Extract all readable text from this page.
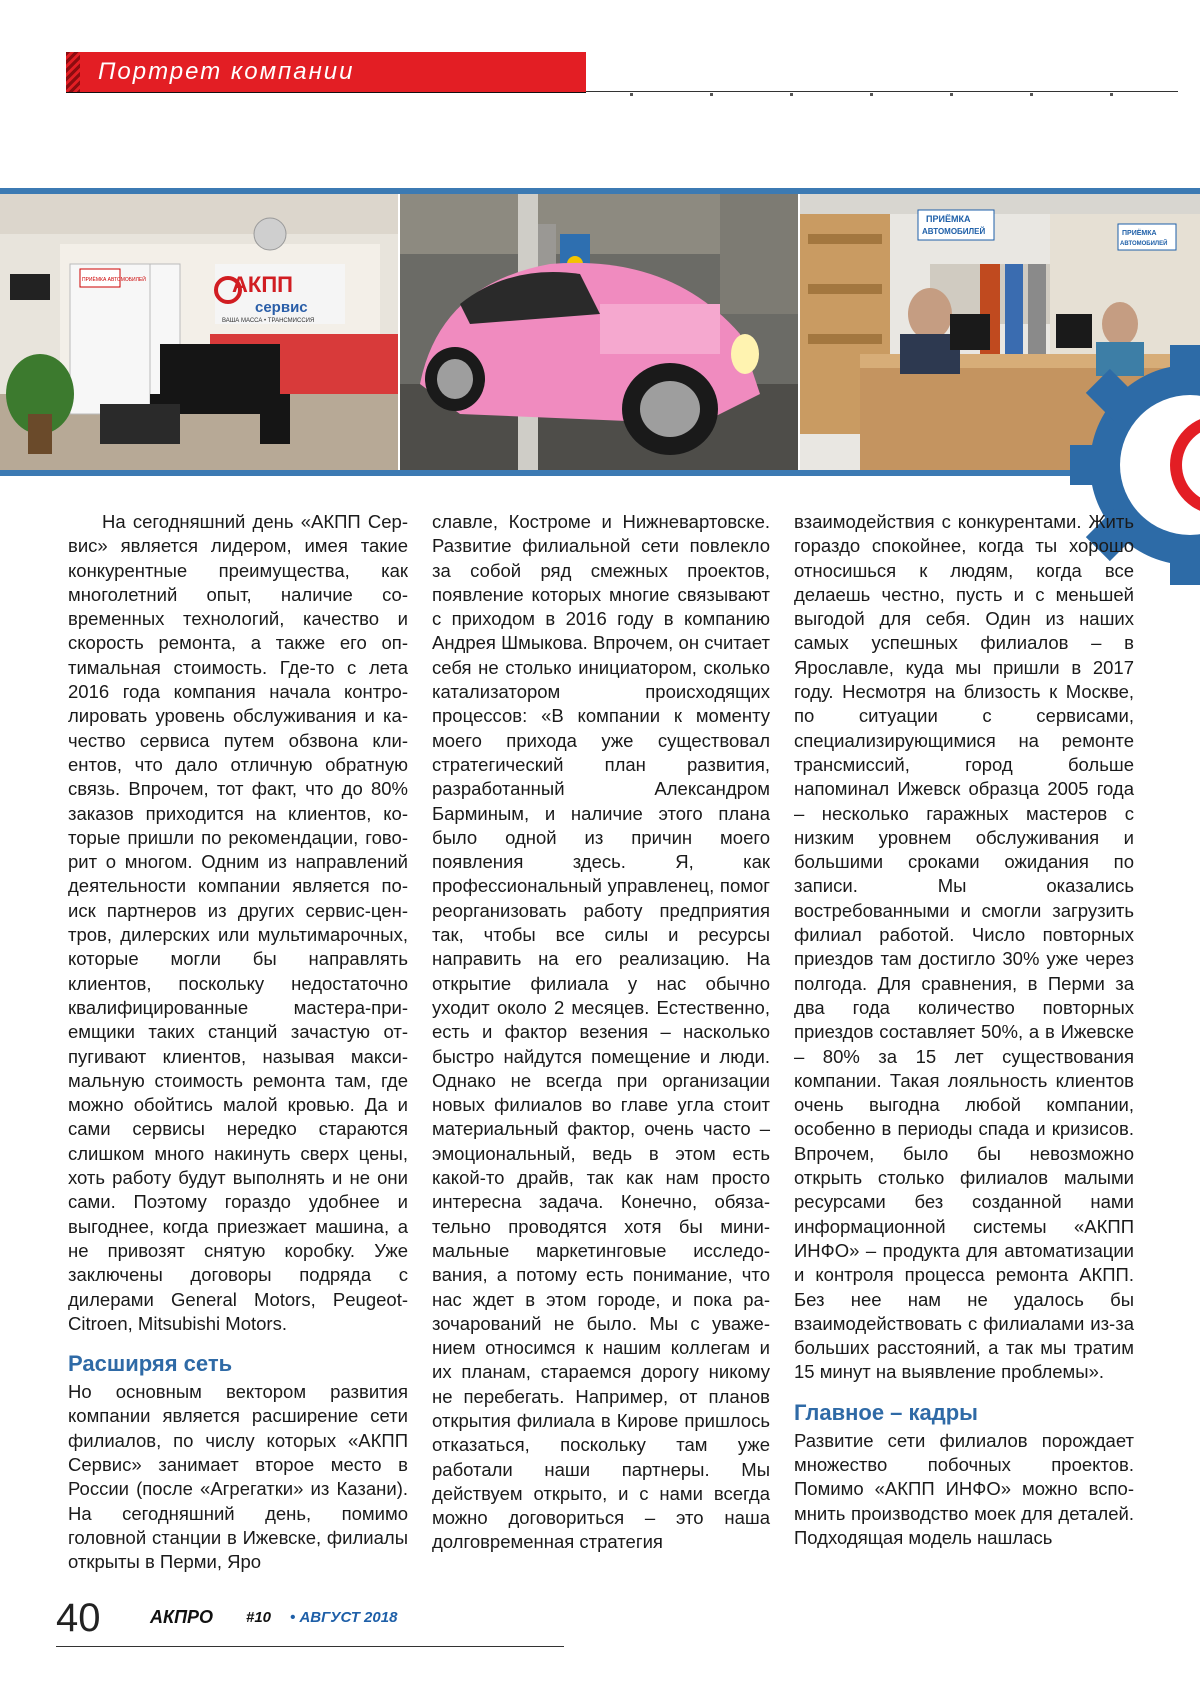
Портрет компании
АКПП
сервис
ВАША МАССА • ТРАНСМИССИЯ
ПРИЁМКА АВТОМОБИЛЕЙ
ПРИЁМКА
АВТОМОБИЛЕЙ	ПРИЁМКА
АВТОМОБИЛЕЙ

На сегодняшний день «АКПП Сервис» является лидером, имея такие конкурентные преимущества, как многолетний опыт, наличие современных технологий, качество и скорость ремонта, а также его оптимальная стоимость. Где-то с лета 2016 года компания начала контролировать уровень обслуживания и качество сервиса путем обзвона клиентов, что дало отличную обратную связь. Впрочем, тот факт, что до 80% заказов приходится на клиентов, которые пришли по рекомендации, говорит о многом. Одним из направлений деятельности компании является поиск партнеров из других сервис-центров, дилерских или мультимарочных, которые могли бы направлять клиентов, поскольку недостаточно квалифицированные мастера-приемщики таких станций зачастую отпугивают клиентов, называя максимальную стоимость ремонта там, где можно обойтись малой кровью. Да и сами сервисы нередко стараются слишком много накинуть сверх цены, хоть работу будут выполнять и не они сами. Поэтому гораздо удобнее и выгоднее, когда приезжает машина, а не привозят снятую коробку. Уже заключены договоры подряда с дилерами General Motors, Peugeot-Citroen, Mitsubishi Motors.

Расширяя сеть

Но основным вектором развития компании является расширение сети филиалов, по числу которых «АКПП Сервис» занимает второе место в России (после «Агрегатки» из Казани). На сегодняшний день, помимо головной станции в Ижевске, филиалы открыты в Перми, Яро

славле, Костроме и Нижневартовске. Развитие филиальной сети повлекло за собой ряд смежных проектов, появление которых многие связывают с приходом в 2016 году в компанию Андрея Шмыкова. Впрочем, он считает себя не столько инициатором, сколько катализатором происходящих процессов: «В компании к моменту моего прихода уже существовал стратегический план развития, разработанный Александром Барминым, и наличие этого плана было одной из причин моего появления здесь. Я, как профессиональный управленец, помог реорганизовать работу предприятия так, чтобы все силы и ресурсы направить на его реализацию. На открытие филиала у нас обычно уходит около 2 месяцев. Естественно, есть и фактор везения – насколько быстро найдутся помещение и люди. Однако не всегда при организации новых филиалов во главе угла стоит материальный фактор, очень часто – эмоциональный, ведь в этом есть какой-то драйв, так как нам просто интересна задача. Конечно, обязательно проводятся хотя бы минимальные маркетинговые исследования, а потому есть понимание, что нас ждет в этом городе, и пока разочарований не было. Мы с уважением относимся к нашим коллегам и их планам, стараемся дорогу никому не перебегать. Например, от планов открытия филиала в Кирове пришлось отказаться, поскольку там уже работали наши партнеры. Мы действуем открыто, и с нами всегда можно договориться – это наша долговременная стратегия

взаимодействия с конкурентами. Жить гораздо спокойнее, когда ты хорошо относишься к людям, когда все делаешь честно, пусть и с меньшей выгодой для себя. Один из наших самых успешных филиалов – в Ярославле, куда мы пришли в 2017 году. Несмотря на близость к Москве, по ситуации с сервисами, специализирующимися на ремонте трансмиссий, город больше напоминал Ижевск образца 2005 года – несколько гаражных мастеров с низким уровнем обслуживания и большими сроками ожидания по записи. Мы оказались востребованными и смогли загрузить филиал работой. Число повторных приездов там достигло 30% уже через полгода. Для сравнения, в Перми за два года количество повторных приездов составляет 50%, а в Ижевске – 80% за 15 лет существования компании. Такая лояльность клиентов очень выгодна любой компании, особенно в периоды спада и кризисов. Впрочем, было бы невозможно открыть столько филиалов малыми ресурсами без созданной нами информационной системы «АКПП ИНФО» – продукта для автоматизации и контроля процесса ремонта АКПП. Без нее нам не удалось бы взаимодействовать с филиалами из-за больших расстояний, а так мы тратим 15 минут на выявление проблемы».

Главное – кадры

Развитие сети филиалов порождает множество побочных проектов. Помимо «АКПП ИНФО» можно вспомнить производство моек для деталей. Подходящая модель нашлась

40	АКПРО #10 • АВГУСТ 2018
